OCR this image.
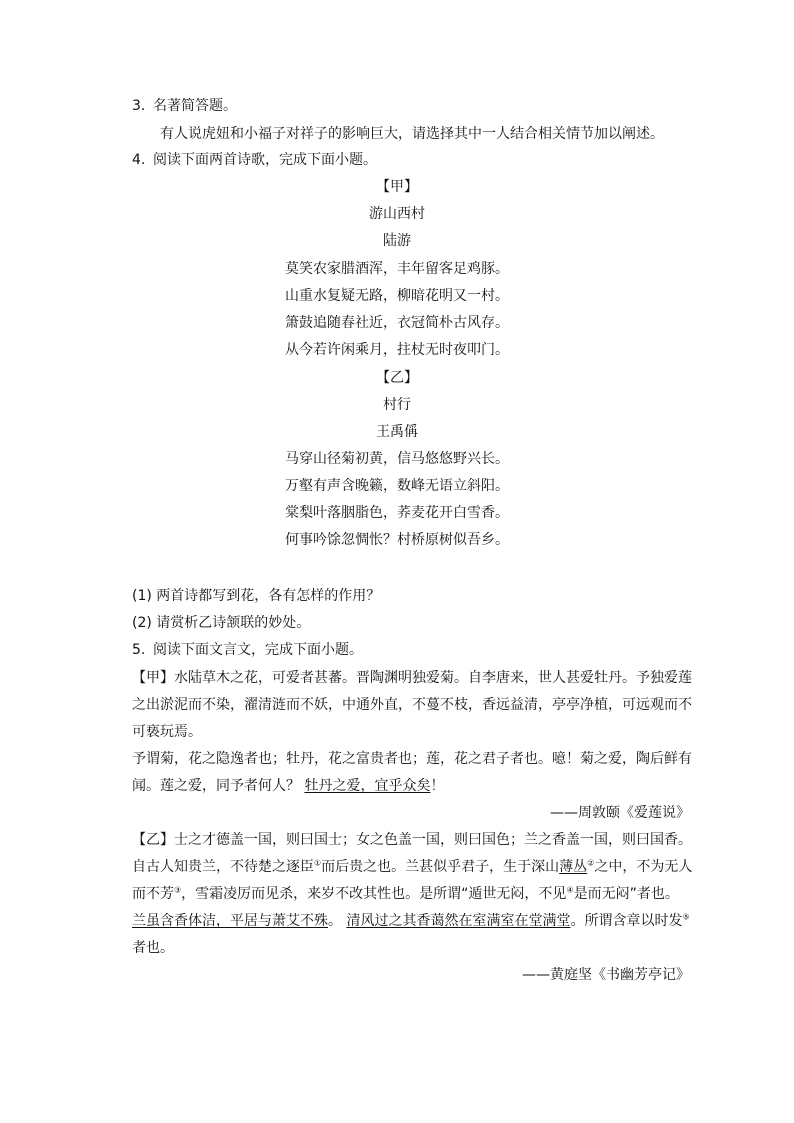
3. 名著简答题。
有人说虎妞和小福子对祥子的影响巨大，请选择其中一人结合相关情节加以阐述。
4. 阅读下面两首诗歌，完成下面小题。
【甲】
游山西村
陆游
莫笑农家腊酒浑，丰年留客足鸡豚。
山重水复疑无路，柳暗花明又一村。
箫鼓追随春社近，衣冠简朴古风存。
从今若许闲乘月，拄杖无时夜叩门。
【乙】
村行
王禹偁
马穿山径菊初黄，信马悠悠野兴长。
万壑有声含晚籁，数峰无语立斜阳。
棠梨叶落胭脂色，荞麦花开白雪香。
何事吟馀忽惆怅？村桥原树似吾乡。
(1) 两首诗都写到花，各有怎样的作用？
(2) 请赏析乙诗颔联的妙处。
5. 阅读下面文言文，完成下面小题。
【甲】水陆草木之花，可爱者甚蕃。晋陶渊明独爱菊。自李唐来，世人甚爱牡丹。予独爱莲
之出淤泥而不染，濯清涟而不妖，中通外直，不蔓不枝，香远益清，亭亭净植，可远观而不
可亵玩焉。
予谓菊，花之隐逸者也；牡丹，花之富贵者也；莲，花之君子者也。噫！菊之爱，陶后鲜有
闻。莲之爱，同予者何人？ 牡丹之爱，宜乎众矣！
——周敦颐《爱莲说》
【乙】士之才德盖一国，则曰国士；女之色盖一国，则曰国色；兰之香盖一国，则曰国香。
自古人知贵兰，不待楚之逐臣①而后贵之也。兰甚似乎君子，生于深山薄丛②之中，不为无人
而不芳③，雪霜凌厉而见杀，来岁不改其性也。是所谓“遁世无闷，不见④是而无闷”者也。
兰虽含香体洁，平居与萧艾不殊。 清风过之其香蔼然在室满室在堂满堂。所谓含章以时发⑤
者也。
——黄庭坚《书幽芳亭记》
